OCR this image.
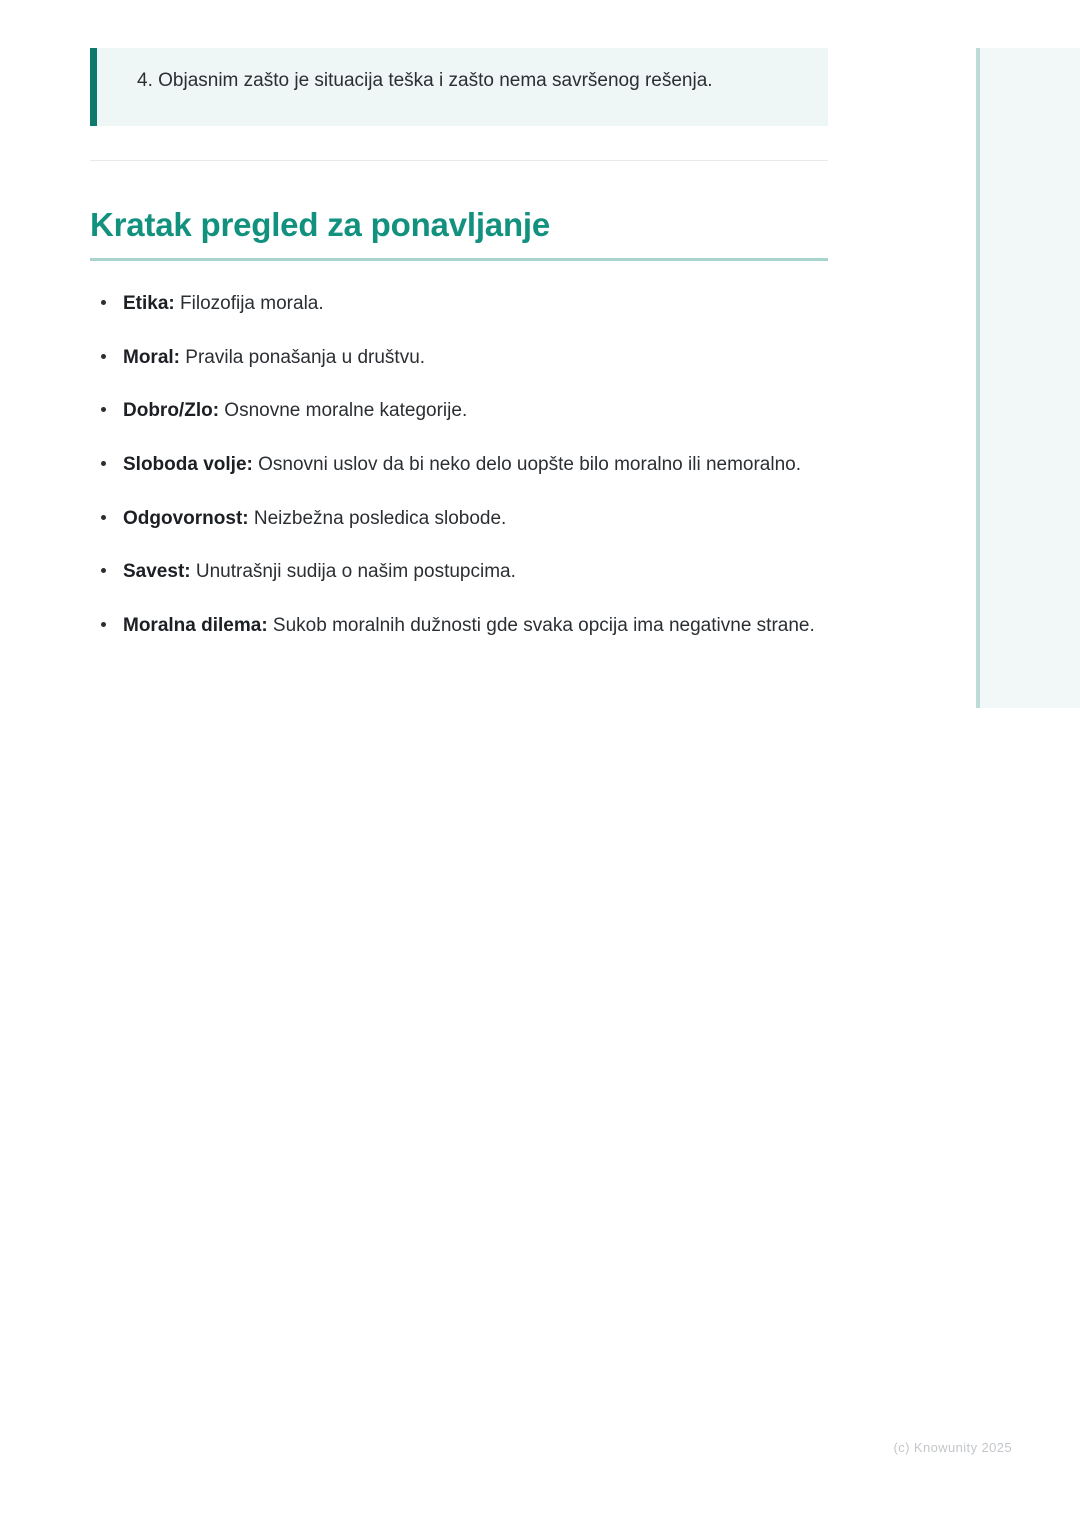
4. Objasnim zašto je situacija teška i zašto nema savršenog rešenja.

Kratak pregled za ponavljanje
Etika: Filozofija morala.
Moral: Pravila ponašanja u društvu.
Dobro/Zlo: Osnovne moralne kategorije.
Sloboda volje: Osnovni uslov da bi neko delo uopšte bilo moralno ili nemoralno.
Odgovornost: Neizbežna posledica slobode.
Savest: Unutrašnji sudija o našim postupcima.
Moralna dilema: Sukob moralnih dužnosti gde svaka opcija ima negativne strane.
(c) Knowunity 2025
